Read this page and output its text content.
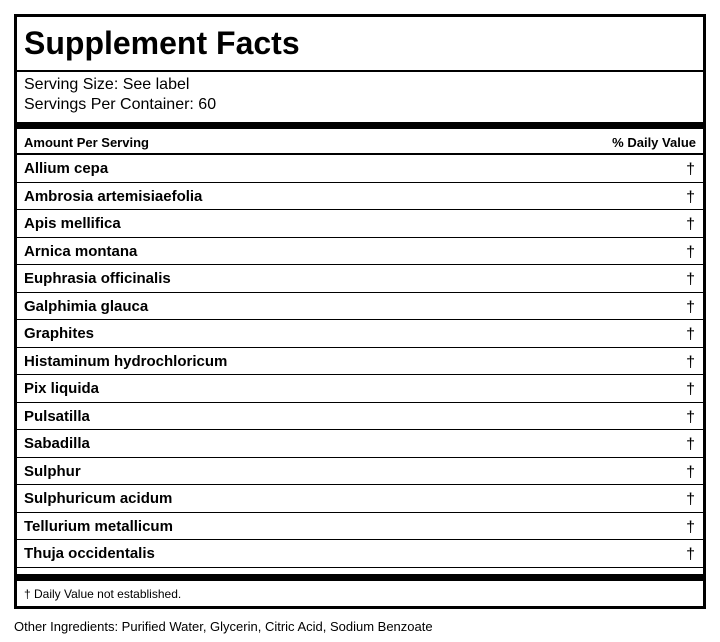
Supplement Facts
Serving Size: See label
Servings Per Container: 60
Amount Per Serving	% Daily Value
Allium cepa	†
Ambrosia artemisiaefolia	†
Apis mellifica	†
Arnica montana	†
Euphrasia officinalis	†
Galphimia glauca	†
Graphites	†
Histaminum hydrochloricum	†
Pix liquida	†
Pulsatilla	†
Sabadilla	†
Sulphur	†
Sulphuricum acidum	†
Tellurium metallicum	†
Thuja occidentalis	†
† Daily Value not established.
Other Ingredients: Purified Water, Glycerin, Citric Acid, Sodium Benzoate
